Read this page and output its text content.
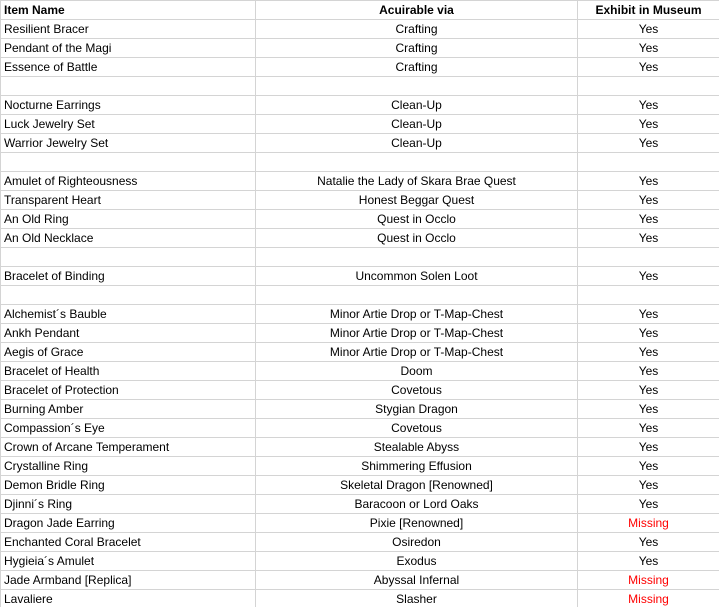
Item Name	Acuirable via	Exhibit in Museum
Resilient Bracer	Crafting	Yes
Pendant of the Magi	Crafting	Yes
Essence of Battle	Crafting	Yes

Nocturne Earrings	Clean-Up	Yes
Luck Jewelry Set	Clean-Up	Yes
Warrior Jewelry Set	Clean-Up	Yes

Amulet of Righteousness	Natalie the Lady of Skara Brae Quest	Yes
Transparent Heart	Honest Beggar Quest	Yes
An Old Ring	Quest in Occlo	Yes
An Old Necklace	Quest in Occlo	Yes

Bracelet of Binding	Uncommon Solen Loot	Yes

Alchemist´s Bauble	Minor Artie Drop or T-Map-Chest	Yes
Ankh Pendant	Minor Artie Drop or T-Map-Chest	Yes
Aegis of Grace	Minor Artie Drop or T-Map-Chest	Yes
Bracelet of Health	Doom	Yes
Bracelet of Protection	Covetous	Yes
Burning Amber	Stygian Dragon	Yes
Compassion´s Eye	Covetous	Yes
Crown of Arcane Temperament	Stealable Abyss	Yes
Crystalline Ring	Shimmering Effusion	Yes
Demon Bridle Ring	Skeletal Dragon [Renowned]	Yes
Djinni´s Ring	Baracoon or Lord Oaks	Yes
Dragon Jade Earring	Pixie [Renowned]	Missing
Enchanted Coral Bracelet	Osiredon	Yes
Hygieia´s Amulet	Exodus	Yes
Jade Armband [Replica]	Abyssal Infernal	Missing
Lavaliere	Slasher	Missing
